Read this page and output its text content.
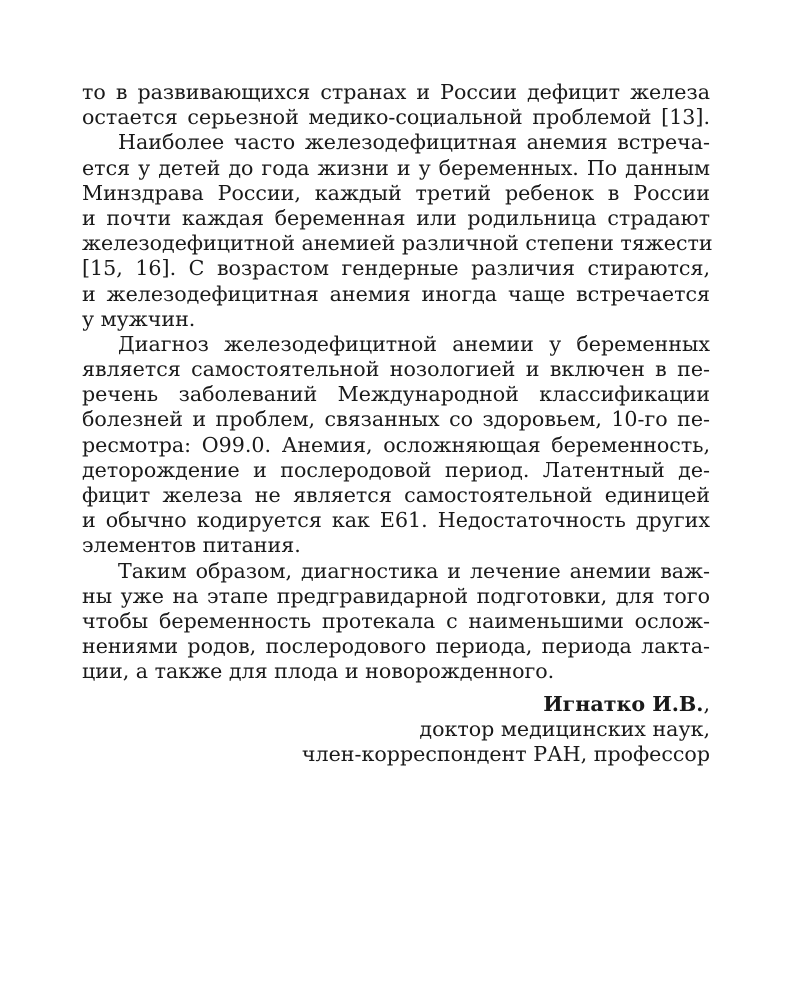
то в развивающихся странах и России дефицит железа
остается серьезной медико-социальной проблемой [13].
Наиболее часто железодефицитная анемия встреча-
ется у детей до года жизни и у беременных. По данным
Минздрава России, каждый третий ребенок в России
и почти каждая беременная или родильница страдают
железодефицитной анемией различной степени тяжести
[15, 16]. С возрастом гендерные различия стираются,
и железодефицитная анемия иногда чаще встречается
у мужчин.
Диагноз железодефицитной анемии у беременных
является самостоятельной нозологией и включен в пе-
речень заболеваний Международной классификации
болезней и проблем, связанных со здоровьем, 10-го пе-
ресмотра: O99.0. Анемия, осложняющая беременность,
деторождение и послеродовой период. Латентный де-
фицит железа не является самостоятельной единицей
и обычно кодируется как E61. Недостаточность других
элементов питания.
Таким образом, диагностика и лечение анемии важ-
ны уже на этапе предгравидарной подготовки, для того
чтобы беременность протекала с наименьшими ослож-
нениями родов, послеродового периода, периода лакта-
ции, а также для плода и новорожденного.
Игнатко И.В.,
доктор медицинских наук,
член-корреспондент РАН, профессор
